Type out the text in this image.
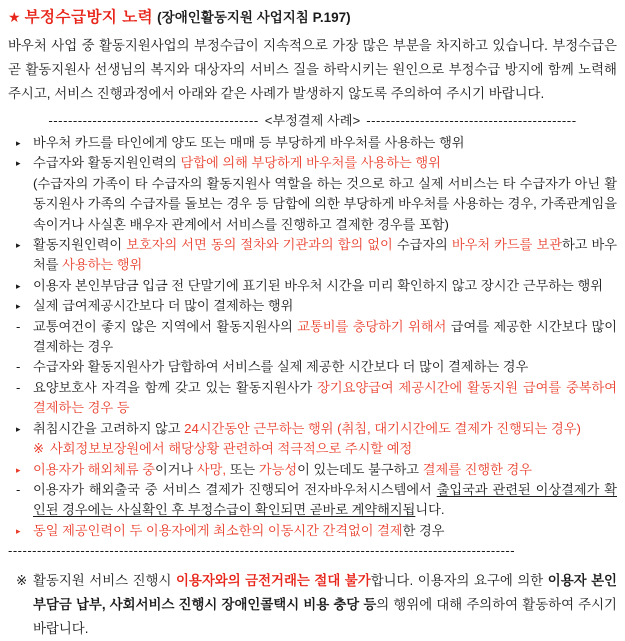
★ 부정수급방지 노력 (장애인활동지원 사업지침 P.197)
바우처 사업 중 활동지원사업의 부정수급이 지속적으로 가장 많은 부분을 차지하고 있습니다. 부정수급은 곧 활동지원사 선생님의 복지와 대상자의 서비스 질을 하락시키는 원인으로 부정수급 방지에 함께 노력해주시고, 서비스 진행과정에서 아래와 같은 사례가 발생하지 않도록 주의하여 주시기 바랍니다.
------------------------------------------- <부정결제 사례> -------------------------------------------
▸ 바우처 카드를 타인에게 양도 또는 매매 등 부당하게 바우처를 사용하는 행위
▸ 수급자와 활동지원인력의 담합에 의해 부당하게 바우처를 사용하는 행위
(수급자의 가족이 타 수급자의 활동지원사 역할을 하는 것으로 하고 실제 서비스는 타 수급자가 아닌 활동지원사 가족의 수급자를 돌보는 경우 등 담합에 의한 부당하게 바우처를 사용하는 경우, 가족관계임을 속이거나 사실혼 배우자 관계에서 서비스를 진행하고 결제한 경우를 포함)
▸ 활동지원인력이 보호자의 서면 동의 절차와 기관과의 합의 없이 수급자의 바우처 카드를 보관하고 바우처를 사용하는 행위
▸ 이용자 본인부담금 입금 전 단말기에 표기된 바우처 시간을 미리 확인하지 않고 장시간 근무하는 행위
▸ 실제 급여제공시간보다 더 많이 결제하는 행위
- 교통여건이 좋지 않은 지역에서 활동지원사의 교통비를 충당하기 위해서 급여를 제공한 시간보다 많이 결제하는 경우
- 수급자와 활동지원사가 담합하여 서비스를 실제 제공한 시간보다 더 많이 결제하는 경우
- 요양보호사 자격을 함께 갖고 있는 활동지원사가 장기요양급여 제공시간에 활동지원 급여를 중복하여 결제하는 경우 등
▸ 취침시간을 고려하지 않고 24시간동안 근무하는 행위 (취침, 대기시간에도 결제가 진행되는 경우)
※ 사회정보보장원에서 해당상황 관련하여 적극적으로 주시할 예정
▸ 이용자가 해외체류 중이거나 사망, 또는 가능성이 있는데도 불구하고 결제를 진행한 경우
- 이용자가 해외출국 중 서비스 결제가 진행되어 전자바우처시스템에서 출입국과 관련된 이상결제가 확인된 경우에는 사실확인 후 부정수급이 확인되면 곧바로 계약해지됩니다.
▸ 동일 제공인력이 두 이용자에게 최소한의 이동시간 간격없이 결제한 경우
---------------------------------------------------------------------------------------------------------
※ 활동지원 서비스 진행시 이용자와의 금전거래는 절대 불가합니다. 이용자의 요구에 의한 이용자 본인부담금 납부, 사회서비스 진행시 장애인콜택시 비용 충당 등의 행위에 대해 주의하여 활동하여 주시기 바랍니다.
